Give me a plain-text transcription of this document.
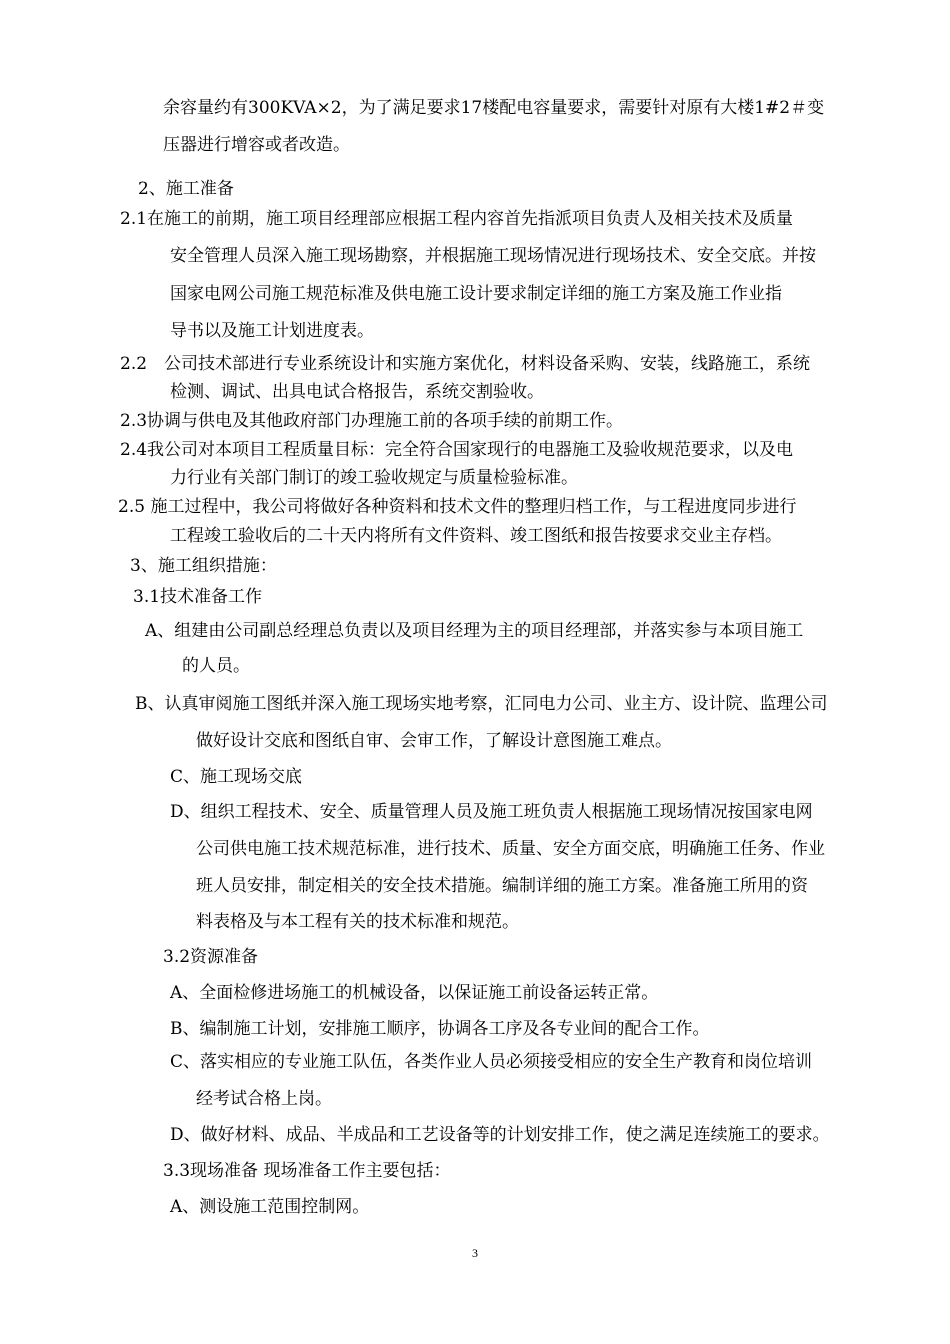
余容量约有300KVA×2，为了满足要求17楼配电容量要求，需要针对原有大楼1#2＃变
压器进行增容或者改造。
2、施工准备
2.1在施工的前期，施工项目经理部应根据工程内容首先指派项目负责人及相关技术及质量
安全管理人员深入施工现场勘察，并根据施工现场情况进行现场技术、安全交底。并按
国家电网公司施工规范标准及供电施工设计要求制定详细的施工方案及施工作业指
导书以及施工计划进度表。
2.2　公司技术部进行专业系统设计和实施方案优化，材料设备采购、安装，线路施工，系统
检测、调试、出具电试合格报告，系统交割验收。
2.3协调与供电及其他政府部门办理施工前的各项手续的前期工作。
2.4我公司对本项目工程质量目标：完全符合国家现行的电器施工及验收规范要求，以及电
力行业有关部门制订的竣工验收规定与质量检验标准。
2.5 施工过程中，我公司将做好各种资料和技术文件的整理归档工作，与工程进度同步进行
工程竣工验收后的二十天内将所有文件资料、竣工图纸和报告按要求交业主存档。
3、施工组织措施：
3.1技术准备工作
A、组建由公司副总经理总负责以及项目经理为主的项目经理部，并落实参与本项目施工
的人员。
B、认真审阅施工图纸并深入施工现场实地考察，汇同电力公司、业主方、设计院、监理公司
做好设计交底和图纸自审、会审工作，了解设计意图施工难点。
C、施工现场交底
D、组织工程技术、安全、质量管理人员及施工班负责人根据施工现场情况按国家电网
公司供电施工技术规范标准，进行技术、质量、安全方面交底，明确施工任务、作业
班人员安排，制定相关的安全技术措施。编制详细的施工方案。准备施工所用的资
料表格及与本工程有关的技术标准和规范。
3.2资源准备
A、全面检修进场施工的机械设备，以保证施工前设备运转正常。
B、编制施工计划，安排施工顺序，协调各工序及各专业间的配合工作。
C、落实相应的专业施工队伍，各类作业人员必须接受相应的安全生产教育和岗位培训
经考试合格上岗。
D、做好材料、成品、半成品和工艺设备等的计划安排工作，使之满足连续施工的要求。
3.3现场准备 现场准备工作主要包括：
A、测设施工范围控制网。
3
